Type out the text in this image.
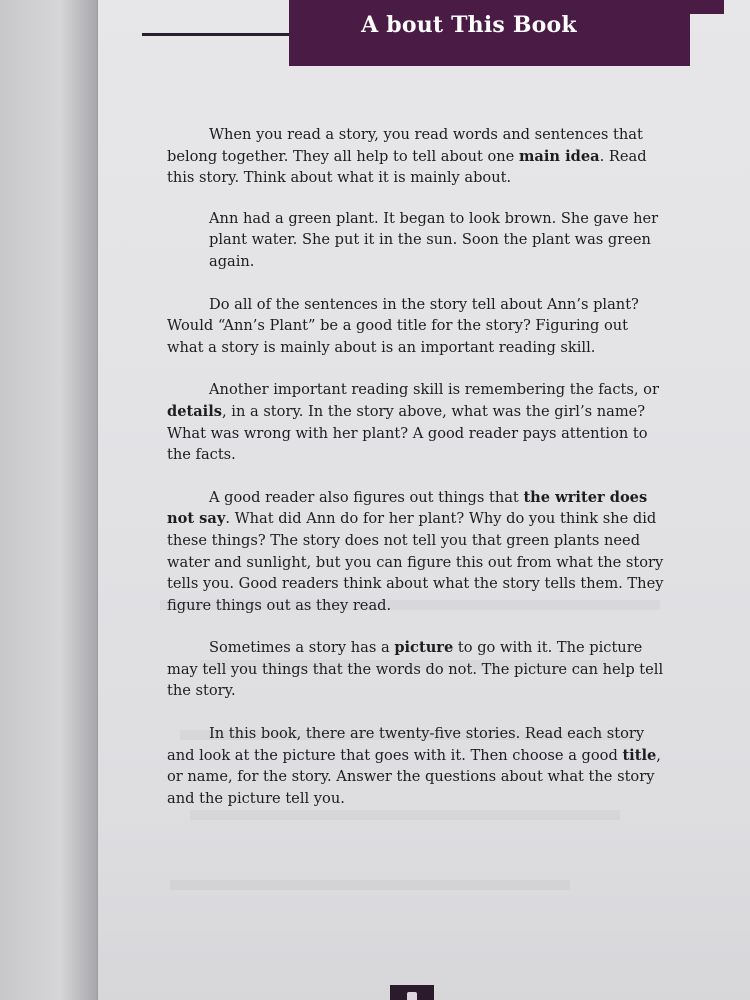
A bout This Book

When you read a story, you read words and sentences that belong together. They all help to tell about one main idea. Read this story. Think about what it is mainly about.

Ann had a green plant. It began to look brown. She gave her plant water. She put it in the sun. Soon the plant was green again.

Do all of the sentences in the story tell about Ann’s plant? Would “Ann’s Plant” be a good title for the story? Figuring out what a story is mainly about is an important reading skill.

Another important reading skill is remembering the facts, or details, in a story. In the story above, what was the girl’s name? What was wrong with her plant? A good reader pays attention to the facts.

A good reader also figures out things that the writer does not say. What did Ann do for her plant? Why do you think she did these things? The story does not tell you that green plants need water and sunlight, but you can figure this out from what the story tells you. Good readers think about what the story tells them. They figure things out as they read.

Sometimes a story has a picture to go with it. The picture may tell you things that the words do not. The picture can help tell the story.

In this book, there are twenty-five stories. Read each story and look at the picture that goes with it. Then choose a good title, or name, for the story. Answer the questions about what the story and the picture tell you.
